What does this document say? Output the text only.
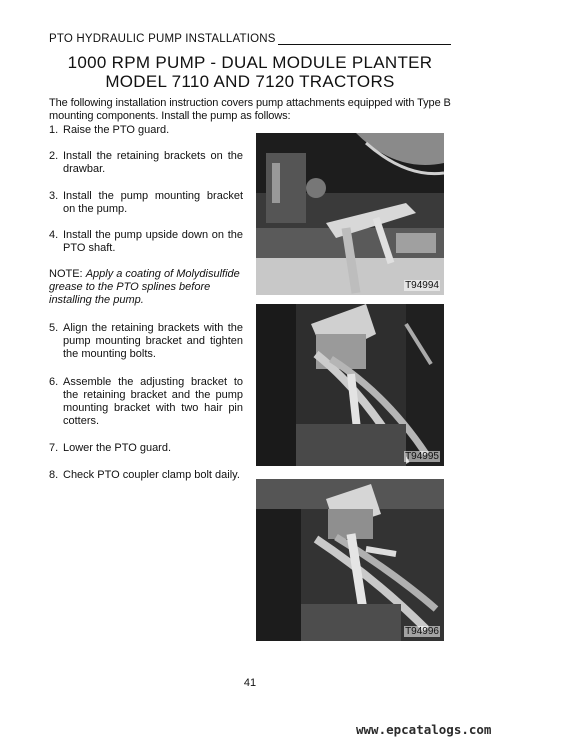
PTO HYDRAULIC PUMP INSTALLATIONS
1000 RPM PUMP - DUAL MODULE PLANTER
MODEL 7110 AND 7120 TRACTORS
The following installation instruction covers pump attachments equipped with Type B mounting components. Install the pump as follows:
1. Raise the PTO guard.
2. Install the retaining brackets on the drawbar.
3. Install the pump mounting bracket on the pump.
4. Install the pump upside down on the PTO shaft.
NOTE: Apply a coating of Molydisulfide grease to the PTO splines before installing the pump.
5. Align the retaining brackets with the pump mounting bracket and tighten the mounting bolts.
6. Assemble the adjusting bracket to the retaining bracket and the pump mounting bracket with two hair pin cotters.
7. Lower the PTO guard.
8. Check PTO coupler clamp bolt daily.
T94994
T94995
T94996
41
www.epcatalogs.com
